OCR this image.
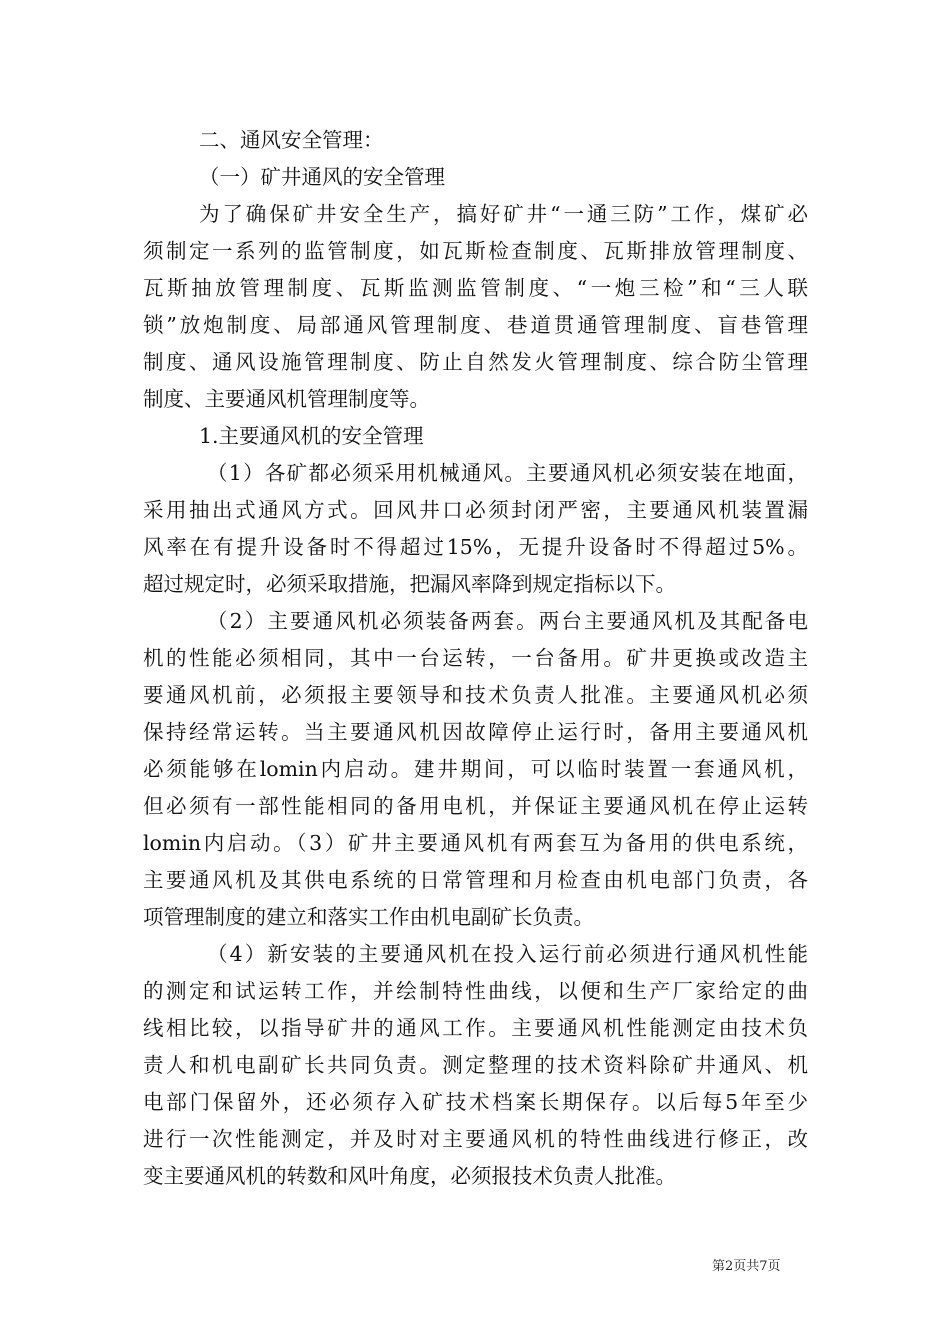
二、通风安全管理：
（一）矿井通风的安全管理
为了确保矿井安全生产，搞好矿井“一通三防”工作，煤矿必
须制定一系列的监管制度，如瓦斯检查制度、瓦斯排放管理制度、
瓦斯抽放管理制度、瓦斯监测监管制度、“一炮三检”和“三人联
锁”放炮制度、局部通风管理制度、巷道贯通管理制度、盲巷管理
制度、通风设施管理制度、防止自然发火管理制度、综合防尘管理
制度、主要通风机管理制度等。
1.主要通风机的安全管理
（1）各矿都必须采用机械通风。主要通风机必须安装在地面，
采用抽出式通风方式。回风井口必须封闭严密，主要通风机装置漏
风率在有提升设备时不得超过15%，无提升设备时不得超过5%。
超过规定时，必须采取措施，把漏风率降到规定指标以下。
（2）主要通风机必须装备两套。两台主要通风机及其配备电
机的性能必须相同，其中一台运转，一台备用。矿井更换或改造主
要通风机前，必须报主要领导和技术负责人批准。主要通风机必须
保持经常运转。当主要通风机因故障停止运行时，备用主要通风机
必须能够在lomin内启动。建井期间，可以临时装置一套通风机，
但必须有一部性能相同的备用电机，并保证主要通风机在停止运转
lomin内启动。（3）矿井主要通风机有两套互为备用的供电系统，
主要通风机及其供电系统的日常管理和月检查由机电部门负责，各
项管理制度的建立和落实工作由机电副矿长负责。
（4）新安装的主要通风机在投入运行前必须进行通风机性能
的测定和试运转工作，并绘制特性曲线，以便和生产厂家给定的曲
线相比较，以指导矿井的通风工作。主要通风机性能测定由技术负
责人和机电副矿长共同负责。测定整理的技术资料除矿井通风、机
电部门保留外，还必须存入矿技术档案长期保存。以后每5年至少
进行一次性能测定，并及时对主要通风机的特性曲线进行修正，改
变主要通风机的转数和风叶角度，必须报技术负责人批准。
第2页共7页
